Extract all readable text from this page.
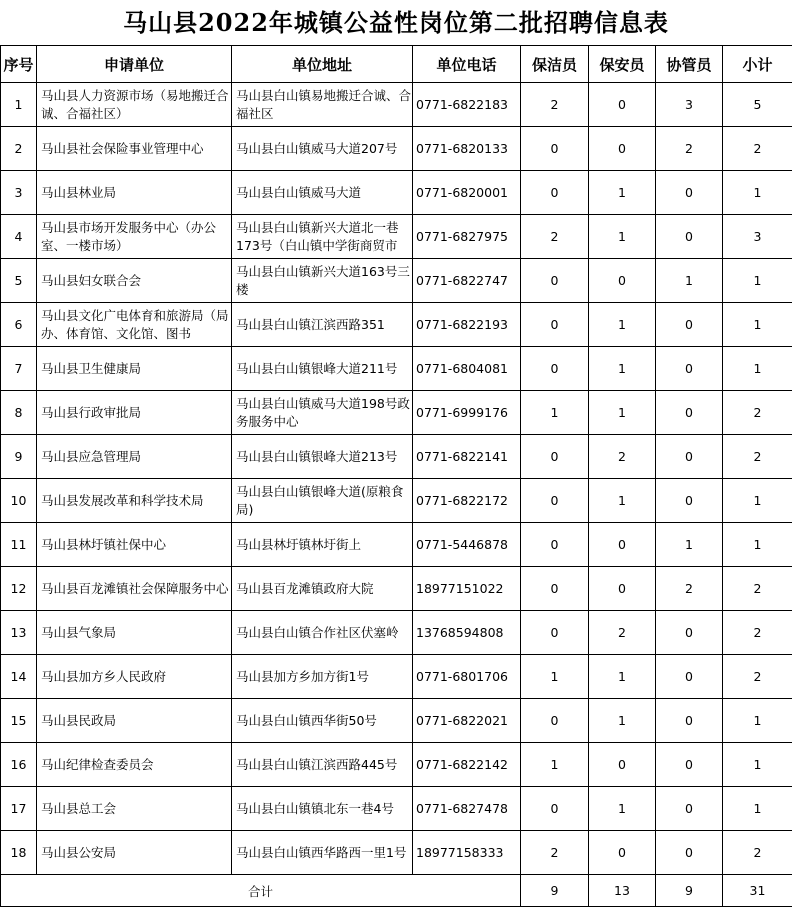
马山县2022年城镇公益性岗位第二批招聘信息表
序号	申请单位	单位地址	单位电话	保洁员	保安员	协管员	小计
1	马山县人力资源市场（易地搬迁合诚、合福社区）	马山县白山镇易地搬迁合诚、合福社区	0771-6822183	2	0	3	5
2	马山县社会保险事业管理中心	马山县白山镇威马大道207号	0771-6820133	0	0	2	2
3	马山县林业局	马山县白山镇威马大道	0771-6820001	0	1	0	1
4	马山县市场开发服务中心（办公室、一楼市场）	马山县白山镇新兴大道北一巷173号（白山镇中学街商贸市	0771-6827975	2	1	0	3
5	马山县妇女联合会	马山县白山镇新兴大道163号三楼	0771-6822747	0	0	1	1
6	马山县文化广电体育和旅游局（局办、体育馆、文化馆、图书	马山县白山镇江滨西路351	0771-6822193	0	1	0	1
7	马山县卫生健康局	马山县白山镇银峰大道211号	0771-6804081	0	1	0	1
8	马山县行政审批局	马山县白山镇威马大道198号政务服务中心	0771-6999176	1	1	0	2
9	马山县应急管理局	马山县白山镇银峰大道213号	0771-6822141	0	2	0	2
10	马山县发展改革和科学技术局	马山县白山镇银峰大道(原粮食局)	0771-6822172	0	1	0	1
11	马山县林圩镇社保中心	马山县林圩镇林圩街上	0771-5446878	0	0	1	1
12	马山县百龙滩镇社会保障服务中心	马山县百龙滩镇政府大院	18977151022	0	0	2	2
13	马山县气象局	马山县白山镇合作社区伏塞岭	13768594808	0	2	0	2
14	马山县加方乡人民政府	马山县加方乡加方街1号	0771-6801706	1	1	0	2
15	马山县民政局	马山县白山镇西华街50号	0771-6822021	0	1	0	1
16	马山纪律检查委员会	马山县白山镇江滨西路445号	0771-6822142	1	0	0	1
17	马山县总工会	马山县白山镇镇北东一巷4号	0771-6827478	0	1	0	1
18	马山县公安局	马山县白山镇西华路西一里1号	18977158333	2	0	0	2
合计				9	13	9	31
